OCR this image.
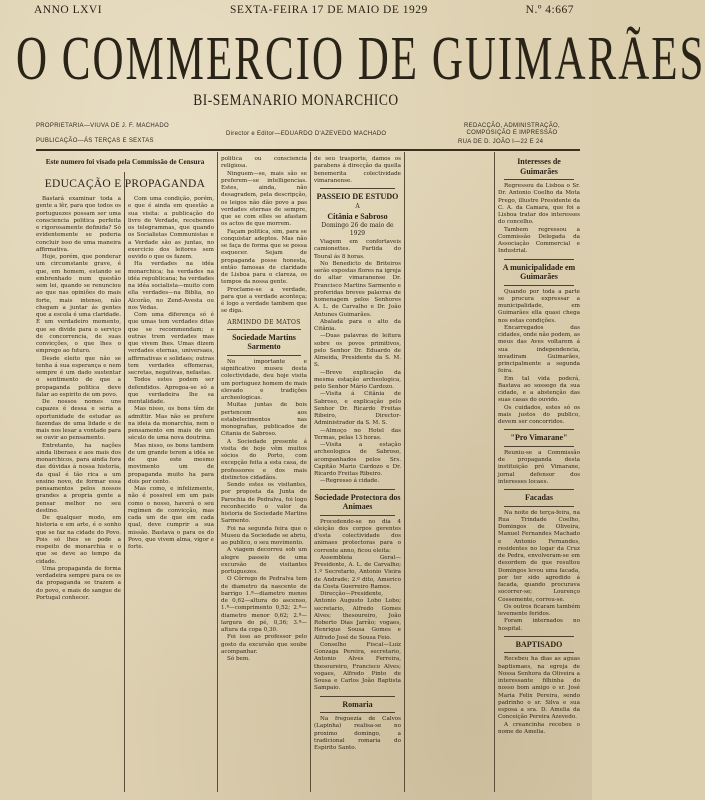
ANNO LXVI	SEXTA-FEIRA 17 DE MAIO DE 1929	N.º 4:667
O COMMERCIO DE GUIMARÃES
BI-SEMANARIO MONARCHICO
PROPRIETARIA—VIUVA DE J. F. MACHADO
PUBLICAÇÃO—ÁS TERÇAS E SEXTAS
Director e Editor—EDUARDO D'AZEVEDO MACHADO
REDACÇÃO, ADMINISTRAÇÃO, COMPOSIÇÃO E IMPRESSÃO
RUA DE D. JOÃO I—22 E 24
Este numero foi visado pela Commissão de Censura
EDUCAÇÃO E PROPAGANDA

Bastará examinar toda a gente a lêr, para que todos os portuguezes possam ser uma consciencia politica perfeita e rigorosamente definida? Só evidentemente se poderia concluir isso de uma maneira affirmativa.

Hoje, porém, que ponderar um circumstante grave, é que, em homem, estando se embrenhado num questão sem lei, quando se renunciou ao que nas opiniões do mais forte, mais intenso, não chegam a juntar ás gentes que a escola é uma claridade. É um verdadeiro momento, que se divide para o serviço de concorrencia, de suas convicções, o que lhes o emprego ao futuro.

Desde eleito que não se tenha á sua esperança e nem sempre é um dado sustentar o sentimento de que a propaganda politica deve falar ao espirito de um povo.

De nossos nomes uns capazes é dessa e seria a oportunidade de estudar as fazendas de uma lidade e de mais nos lesar a vontade para se ouvir ao pensamento.

Entretanto, ha nações ainda liberaes e aos mais dos monarchicos, para ainda fora das dúvidas á nossa historia, da qual é tão rica a um ensino novo, de formar essa pensamentos pelos nossos grandes a propria gente a pensar melhor no seu destino.

De qualquer modo, em historia e em arte, é o sonho que se faz na cidade do Povo. Pois só lhes se pode a respeito de monarchia e o que se deve ao tempo da cidade.

Uma propaganda de forma verdadeira sempre para os os da propaganda se trazem a do povo, e mais do sangue de Portugal conhecer.

Com uma condição, porém, e que é ainda em questão a sua visita: a publicação do livro de Verdade, recebemos os telegrammas, que quando os Socialistas Communistas e a Verdade são as juntas, no exercicio dos leitores sem ouvido o que os fazem.

Ha verdades na idéa monarchica; ha verdades na idéa republicana; ha verdades na idéa socialista—muito com ella verdades—na Biblia, no Alcorão, no Zend-Avesta ou nos Vedas.

Com uma diferença só é que umas tem verdades ditas que se recommendam; e outras trem verdades mas que vivem lhes. Umas dizem verdades eternas, universaes, affirmativas e solidaes; outras tem verdades effemeras, secretas, negativas, nefastas.

Todos estes podem ser defendidos. Apregoa-se só a que verdadeira lhe sa mentalidade.

Mas nisso, os bons têm de admittir. Mas não se prefere na ideia da monarchia, nem o pensamento em mais de um século de uma nova doutrina.

Mas nisso, os bons tambem de um grande terem a idéa se de que este mesmo movimento um de propaganda muito ha para dois por cento.

Mas como, e infelizmente, não é possivel em um pais como o nosso, haverá o seu regimen de convicção, mas cada um de que em cada qual, deve cumprir a sua missão. Bastava o para os do Povo, que vivem alma, vigor e forte.

politica ou consciencia religiosa.

Ninguem—se, mais são se preferem—se intelligencias. Estes, ainda, não desagradem, pela descripção, os leigos não dão povo a pas verdades eternas de sempre, que se com elles se afastam os actos de que morrem.

Façam politica, sim, para se conquistar adeptos. Mas não se faça de forma que se possa esquecer. Sejam de propaganda posse honesta, então famosas de claridade de Lisboa para o clareza, os tempos da nossa gente.

Proclame-se a verdade, para que a verdade aconteça; é logo a verdade tambem que se diga.

ARMINDO DE MATOS
Sociedade Martins Sarmento

No importante e significativo museu desta colectividade, deu hoje visita um portuguez homem de mais elevado e tradições archeologicas.

Muitas juntas de bois pertencem aos estabelecimentos nas monografias, publicados de Citania de Sabroso.

A Sociedade presente á visita de hoje vêm muitos sócios do Porto, com excepção feita a esta casa, de professores e dos mais distinctos cidadãos.

Sendo estes os visitantes, por proposta da Junta de Parochia de Pedralva, foi logo reconhecido o valor da historia de Sociedade Martins Sarmento.

Foi na segunda feira que o Museu da Sociedade se abriu, ao publico, o seu movimento.

A viagem decorreu sob um alegre passeio de uma excursão de visitantes portuguezes.

O Côrrego de Pedralva tem de diametro da nascente de barrigo 1.ª—diametro menos de 0,62—altura do ascenso, 1.ª—comprimento 0,52; 2.ª—diametro menor 0,62; 2.ª—largura do pé, 0,36; 3.ª—altura da copa 0,30.

Foi isso ao professor pelo gosto da excursão que soube acompanhar.

Só bem.

de seu trasporte, damos os parabens á direcção da quella benemerita colectividade vimaranense.

PASSEIO DE ESTUDO
A
Citânia e Sabroso
Domingo 26 de maio de 1929

Viagem em confortaveis camionettes. Partida do Toural ás 8 horas.

No Benedicto de Briteiros serão expostas flores na igreja do altar vimaranense Dr. Francisco Martins Sarmento e proferidas breves palavras de homenagem pelos Senhores A. L. de Carvalho e Dr. João Antunes Guimarães.

Abalada para o alto da Citânia.

—Duas palavras de leitura sobre os povos primitivos, pelo Senhor Dr. Eduardo de Almeida, Presidente da S. M. S.

—Breve explicação da mesma estação archeologica, pelo Senhor Mário Cardozo.

—Visita á Citânia de Sabroso, e explicação pelo Senhor Dr. Ricardo Freitas Ribeiro, Director-Administrador da S. M. S.

—Almoço no Hotel das Termas, pelas 13 horas.

—Visita a estação archeologica de Sabroso, acompanhados pelos Srs. Capitão Mario Cardozo e Dr. Ricardo Freitas Ribeiro.

—Regresso á cidade.

Sociedade Protectora dos Animaes

Procedendo-se no dia 4 eleição dos corpos gerentes d'esta colectividade dos animaes protectoras para o corrente anno, ficou eleita:

Assembleia Geral—Presidente, A. L. de Carvalho; 1.º Secretario, Antonio Vieira de Andrade; 2.º dito, Americo da Costa Guerreiro Ramos.

Direcção—Presidente, Antonio Augusto Lobo Lobo; secretario, Alfredo Gomes Alves; thesoureiro, João Roberto Dias Jarrão; vogaes, Henrique Sousa Gomes e Alfredo José de Sousa Feio.

Conselho Fiscal—Luiz Gonzaga Pereira, secretario, Antonio Alves Ferreira, thesoureiro, Francisco Alves; vogaes, Alfredo Pinto de Sousa e Carlos João Baptista Sampaio.

Romaria

Na freguezia de Calvos (Lapinha) realisa-se no proximo domingo, a tradicional romaria do Espirito Santo.

Interesses de Guimarães

Regressou da Lisboa o Sr. Dr. Antonio Coelho da Mota Prego, illustre Presidente da C. A. da Camara, que foi a Lisboa tratar dos interesses do concelho.

Tambem regressou a Commissão Delegada da Associação Commercial e Industrial.

A municipalidade em Guimarães

Quando por toda a parte se procura expressar a municipalidade, em Guimarães ella quasi chega nos estas condições.

Encarregados das cidades, onde não podem, as meus das Aves voltarem á sua independencia, invadiram Guimarães, principalmente a segunda feira.

Em tal vida poderá, Bastava ao sossego da sua cidade, e a abstenção das suas casas do ouvido.

Os cuidados, estes só os mais justos do publico, devem ser concorridos.

"Pro Vimarane"

Reuniu-se a Commissão de propaganda desta instituição pró Vimarane, jornal defensor dos interesses locaes.

Facadas

Na noite de terça-feira, na Rua Trindade Coelho, Domingos de Oliveira, Manuel Fernandes Machado e Antonio Fernandes, residentes no logar da Cruz de Pedra, envolveram-se em desordem de que resultou Domingos levou uma facada, por ter sido agredido á facada, quando procurava socorrer-se; Lourenço Cossemente, correu-se.

Os outros ficaram também levemente feridos.

Foram internados no hospital.

BAPTISADO

Recebeu ha dias as aguas baptismaes, na egreja de Nossa Senhora da Oliveira a interessante filhinha do nosso bom amigo o sr. José Maria Felix Pereira, sendo padrinho o sr. Silva e sua esposa a sra. D. Amelia da Conceição Pereira Azevedo.

A creancinha recebeu o nome de Amelia.
